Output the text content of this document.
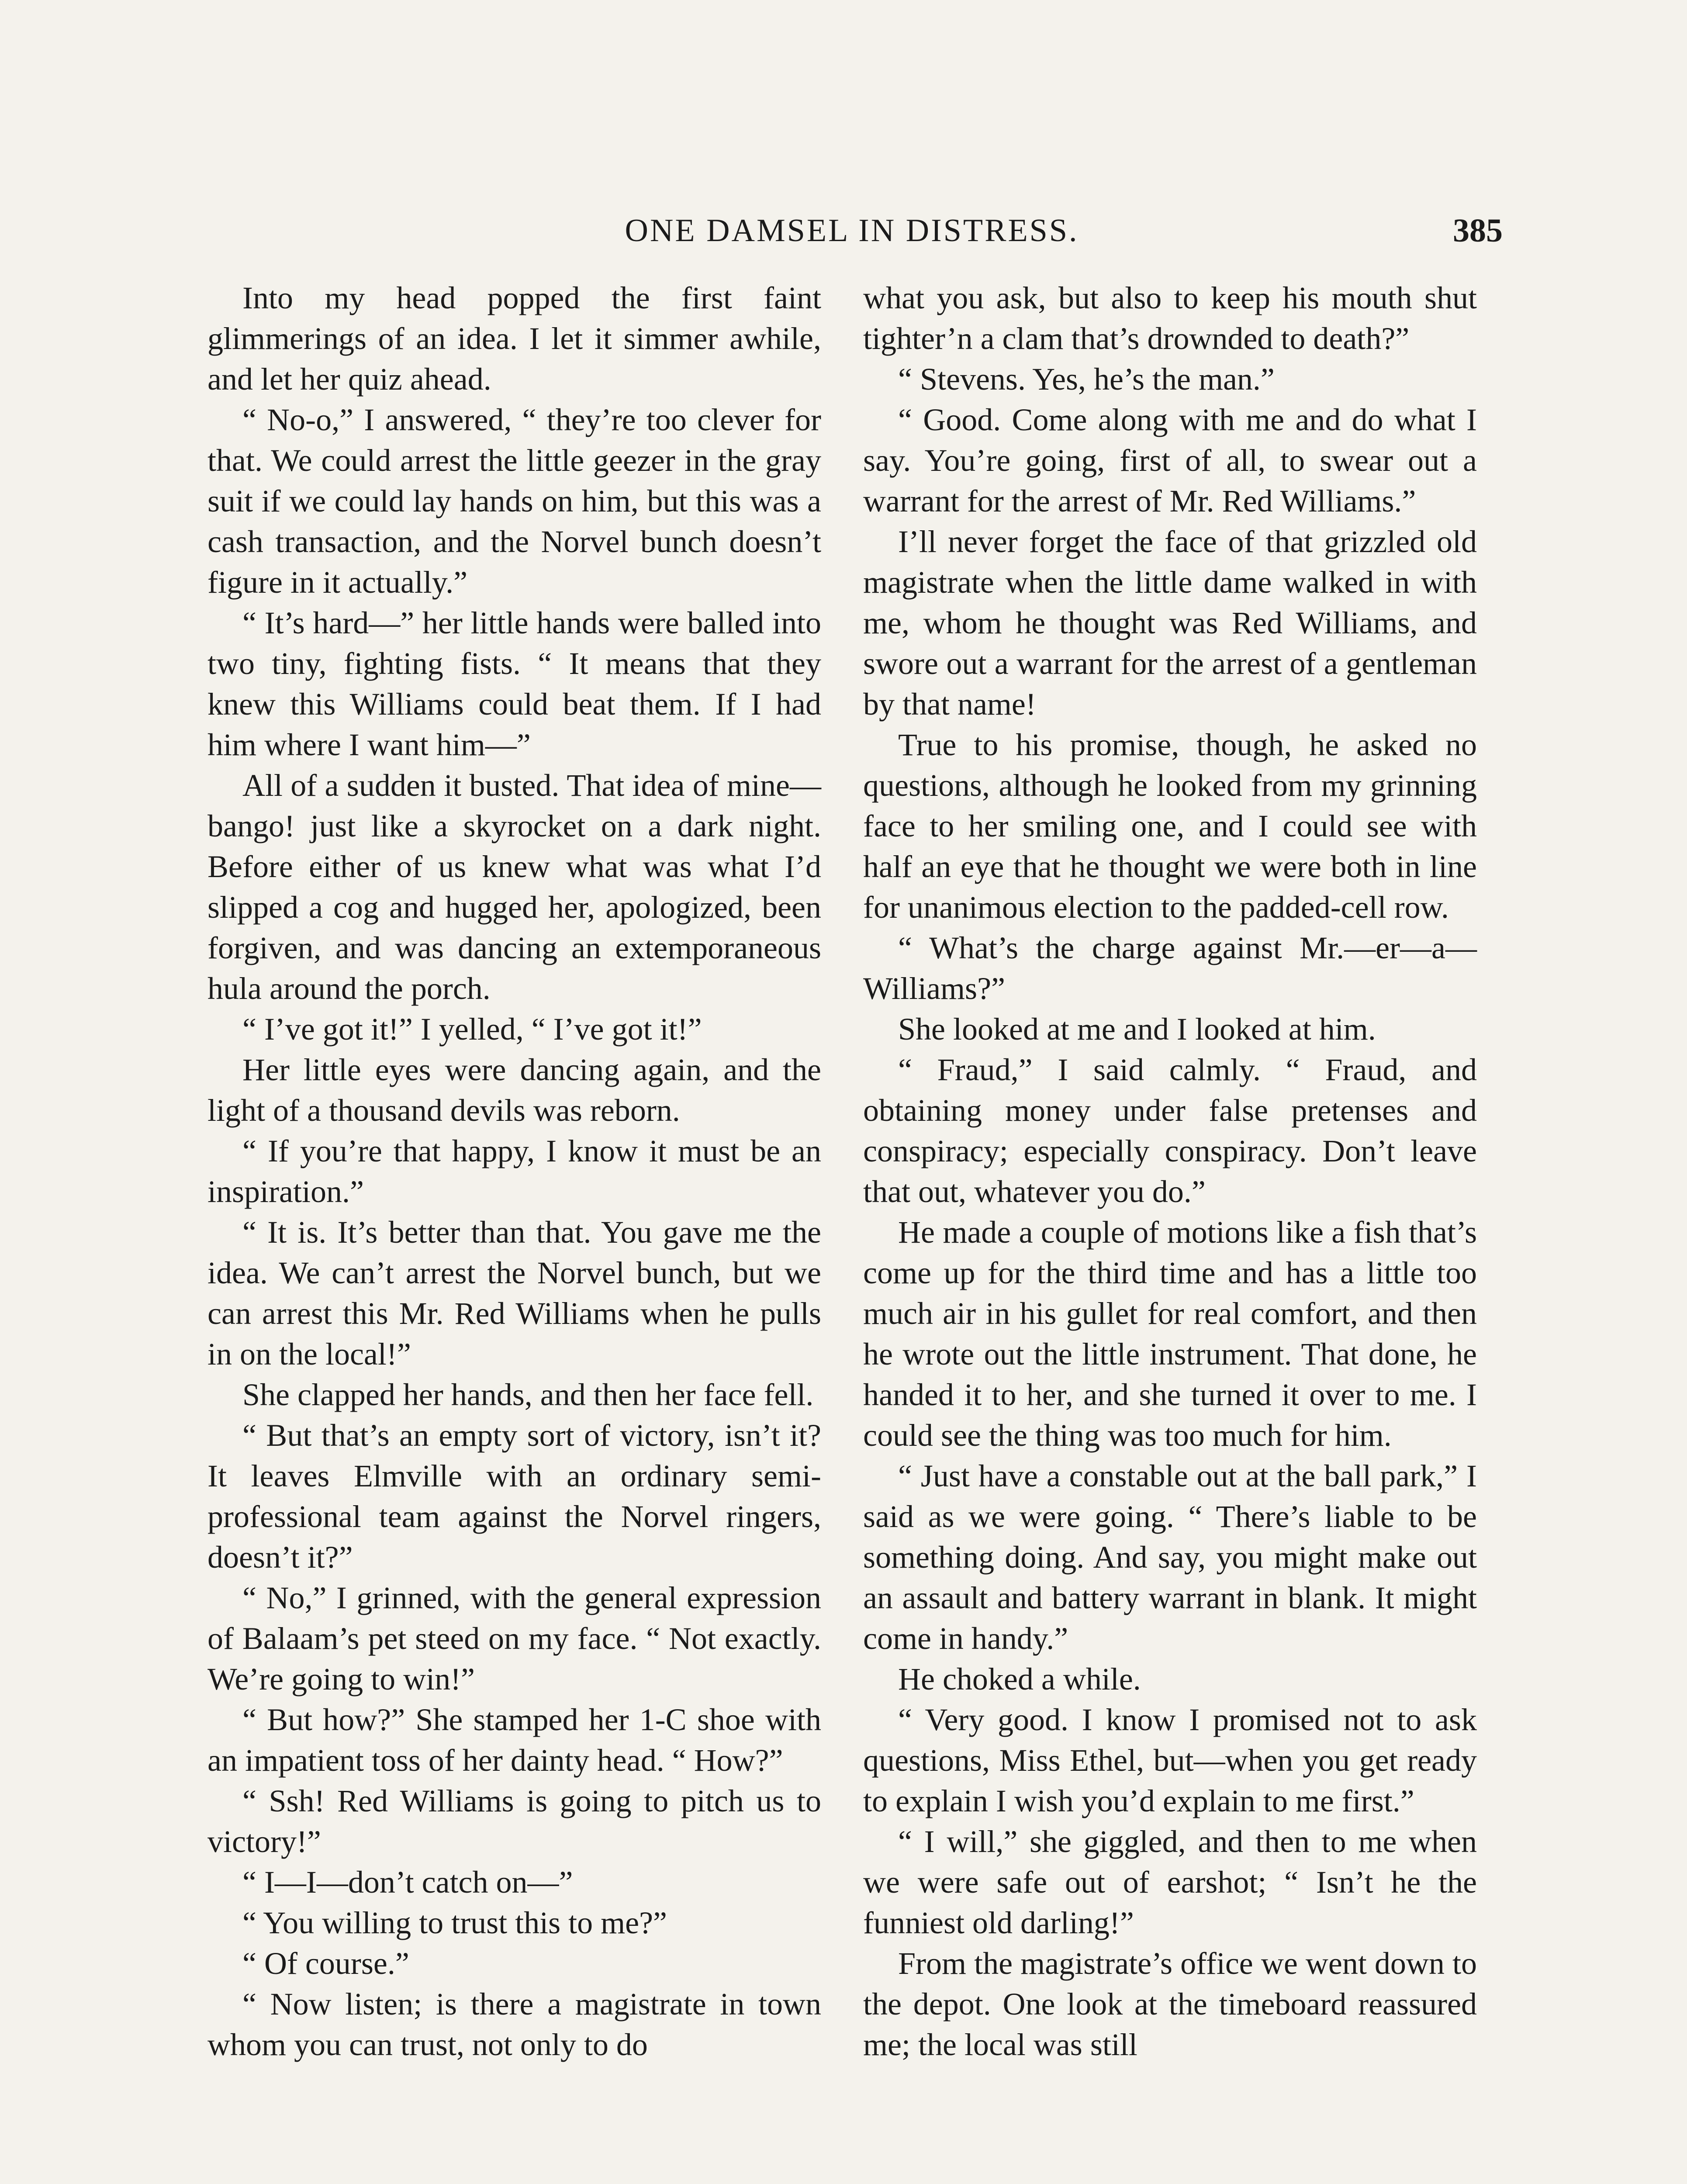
ONE DAMSEL IN DISTRESS.	385

Into my head popped the first faint glimmerings of an idea. I let it simmer awhile, and let her quiz ahead.

“ No-o,” I answered, “ they’re too clever for that. We could arrest the little geezer in the gray suit if we could lay hands on him, but this was a cash transaction, and the Norvel bunch doesn’t figure in it actually.”

“ It’s hard—” her little hands were balled into two tiny, fighting fists. “ It means that they knew this Williams could beat them. If I had him where I want him—”

All of a sudden it busted. That idea of mine—bango! just like a skyrocket on a dark night. Before either of us knew what was what I’d slipped a cog and hugged her, apologized, been forgiven, and was dancing an extemporaneous hula around the porch.

“ I’ve got it!” I yelled, “ I’ve got it!”

Her little eyes were dancing again, and the light of a thousand devils was reborn.

“ If you’re that happy, I know it must be an inspiration.”

“ It is. It’s better than that. You gave me the idea. We can’t arrest the Norvel bunch, but we can arrest this Mr. Red Williams when he pulls in on the local!”

She clapped her hands, and then her face fell.

“ But that’s an empty sort of victory, isn’t it? It leaves Elmville with an ordinary semi-professional team against the Norvel ringers, doesn’t it?”

“ No,” I grinned, with the general expression of Balaam’s pet steed on my face. “ Not exactly. We’re going to win!”

“ But how?” She stamped her 1-C shoe with an impatient toss of her dainty head. “ How?”

“ Ssh! Red Williams is going to pitch us to victory!”

“ I—I—don’t catch on—”

“ You willing to trust this to me?”

“ Of course.”

“ Now listen; is there a magistrate in town whom you can trust, not only to do

what you ask, but also to keep his mouth shut tighter’n a clam that’s drownded to death?”

“ Stevens. Yes, he’s the man.”

“ Good. Come along with me and do what I say. You’re going, first of all, to swear out a warrant for the arrest of Mr. Red Williams.”

I’ll never forget the face of that grizzled old magistrate when the little dame walked in with me, whom he thought was Red Williams, and swore out a warrant for the arrest of a gentleman by that name!

True to his promise, though, he asked no questions, although he looked from my grinning face to her smiling one, and I could see with half an eye that he thought we were both in line for unanimous election to the padded-cell row.

“ What’s the charge against Mr.—er—a—Williams?”

She looked at me and I looked at him.

“ Fraud,” I said calmly. “ Fraud, and obtaining money under false pretenses and conspiracy; especially conspiracy. Don’t leave that out, whatever you do.”

He made a couple of motions like a fish that’s come up for the third time and has a little too much air in his gullet for real comfort, and then he wrote out the little instrument. That done, he handed it to her, and she turned it over to me. I could see the thing was too much for him.

“ Just have a constable out at the ball park,” I said as we were going. “ There’s liable to be something doing. And say, you might make out an assault and battery warrant in blank. It might come in handy.”

He choked a while.

“ Very good. I know I promised not to ask questions, Miss Ethel, but—when you get ready to explain I wish you’d explain to me first.”

“ I will,” she giggled, and then to me when we were safe out of earshot; “ Isn’t he the funniest old darling!”

From the magistrate’s office we went down to the depot. One look at the timeboard reassured me; the local was still
